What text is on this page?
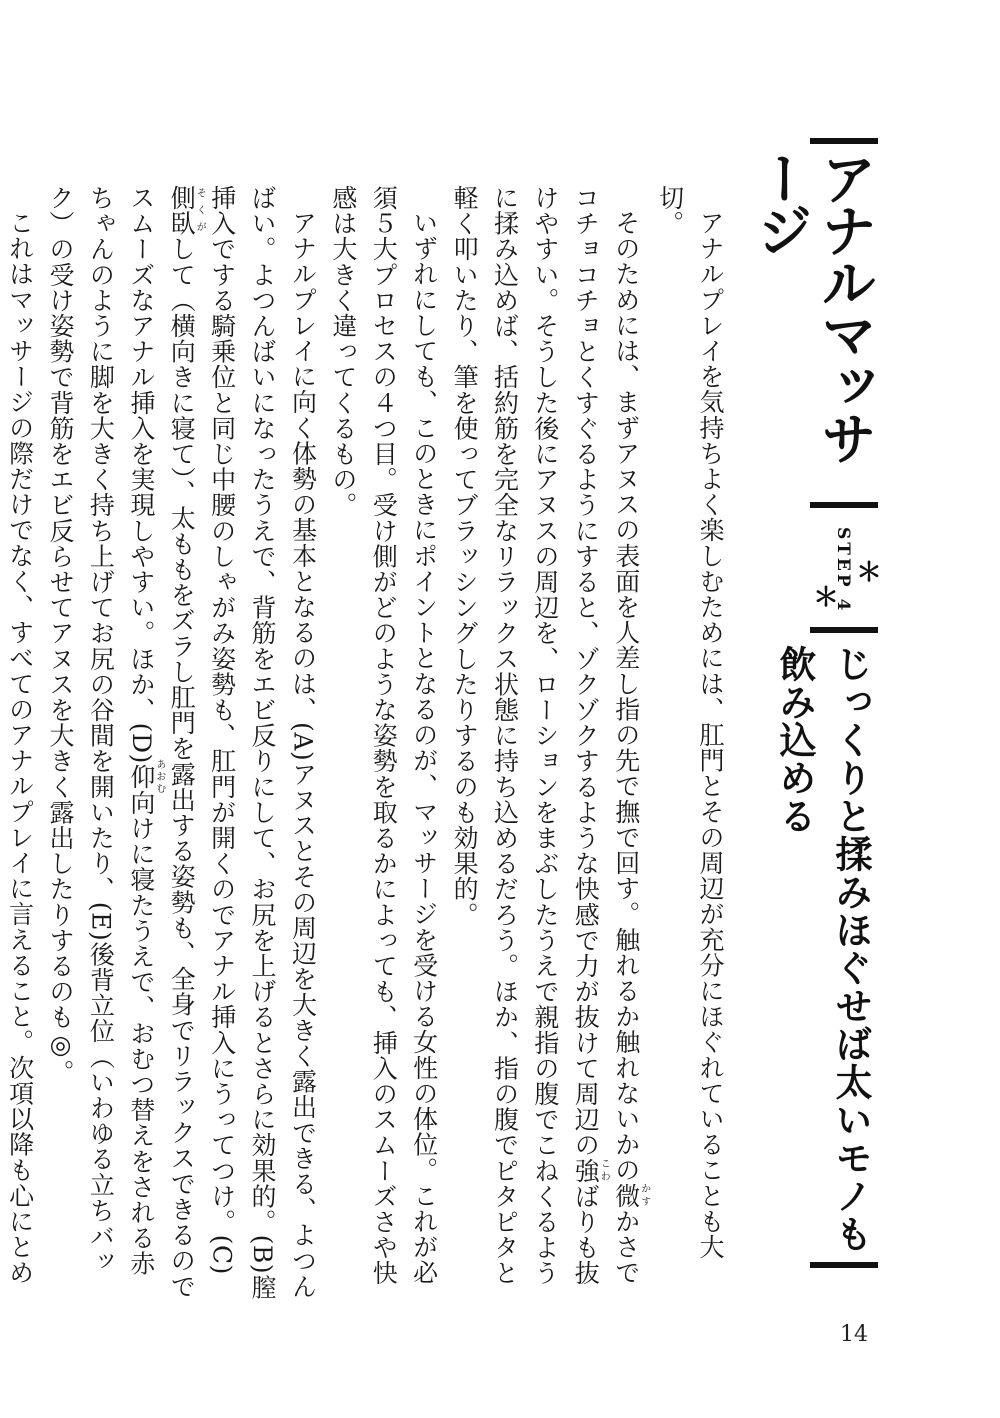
アナルマッサージ
＊
STEP 4
＊
じっくりと揉みほぐせば太いモノも飲み込める

アナルプレイを気持ちよく楽しむためには、肛門とその周辺が充分にほぐれていることも大切。

そのためには、まずアヌスの表面を人差し指の先で撫で回す。触れるか触れないかの微かすかさでコチョコチョとくすぐるようにすると、ゾクゾクするような快感で力が抜けて周辺の強こわばりも抜けやすい。そうした後にアヌスの周辺を、ローションをまぶしたうえで親指の腹でこねくるように揉み込めば、括約筋を完全なリラックス状態に持ち込めるだろう。ほか、指の腹でピタピタと軽く叩いたり、筆を使ってブラッシングしたりするのも効果的。

いずれにしても、このときにポイントとなるのが、マッサージを受ける女性の体位。これが必須５大プロセスの４つ目。受け側がどのような姿勢を取るかによっても、挿入のスムーズさや快感は大きく違ってくるもの。

アナルプレイに向く体勢の基本となるのは、(A)アヌスとその周辺を大きく露出できる、よつんばい。よつんばいになったうえで、背筋をエビ反りにして、お尻を上げるとさらに効果的。(B)膣挿入でする騎乗位と同じ中腰のしゃがみ姿勢も、肛門が開くのでアナル挿入にうってつけ。(C)側臥そくがして（横向きに寝て）、太ももをズラし肛門を露出する姿勢も、全身でリラックスできるのでスムーズなアナル挿入を実現しやすい。ほか、(D)仰あおむ向けに寝たうえで、おむつ替えをされる赤ちゃんのように脚を大きく持ち上げてお尻の谷間を開いたり、(E)後背立位（いわゆる立ちバック）の受け姿勢で背筋をエビ反らせてアヌスを大きく露出したりするのも◎。

これはマッサージの際だけでなく、すべてのアナルプレイに言えること。次項以降も心にとめ

14
